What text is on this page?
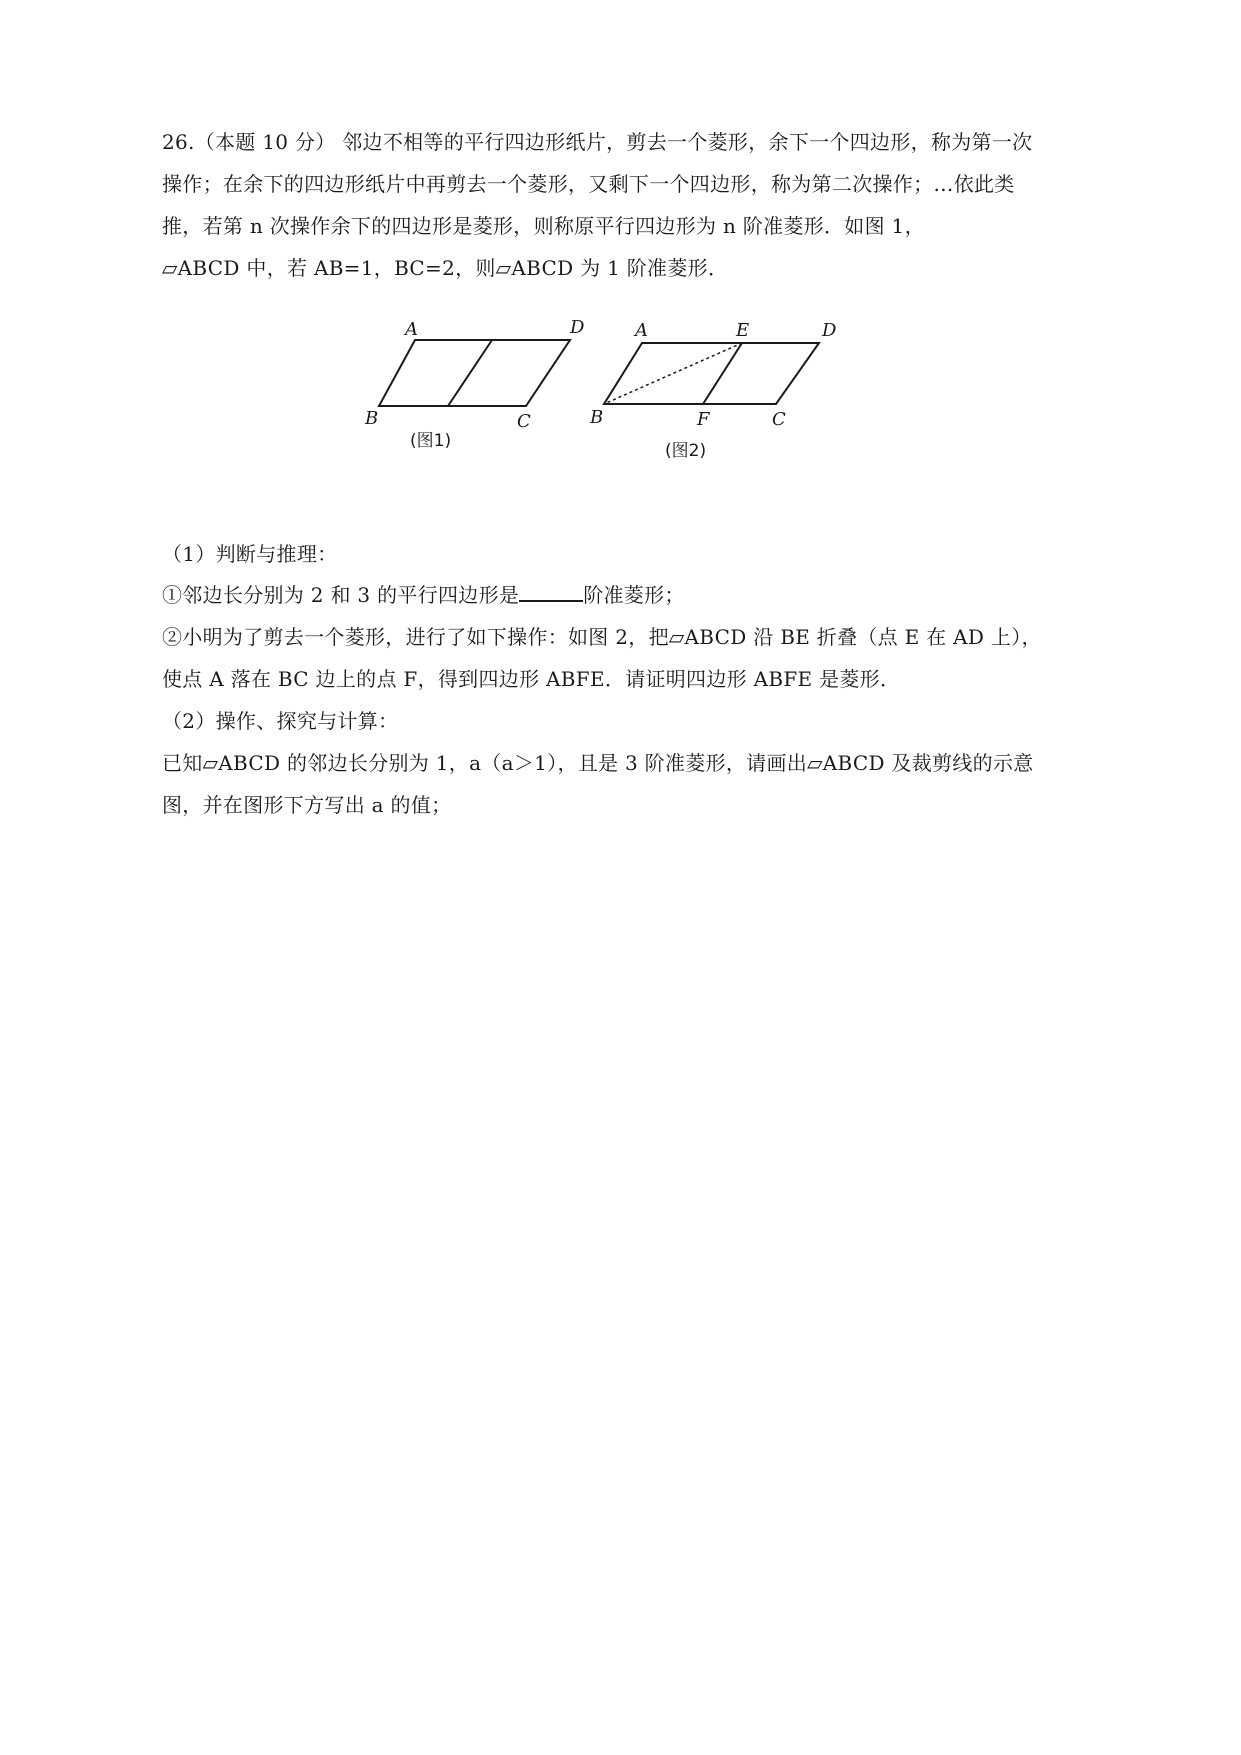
26.（本题 10 分） 邻边不相等的平行四边形纸片，剪去一个菱形，余下一个四边形，称为第一次
操作；在余下的四边形纸片中再剪去一个菱形，又剩下一个四边形，称为第二次操作；…依此类
推，若第 n 次操作余下的四边形是菱形，则称原平行四边形为 n 阶准菱形．如图 1，
▱ABCD 中，若 AB=1，BC=2，则▱ABCD 为 1 阶准菱形．
A	D
B	C
(图1)
A	E	D
B	F	C
(图2)
（1）判断与推理：
①邻边长分别为 2 和 3 的平行四边形是	阶准菱形；
②小明为了剪去一个菱形，进行了如下操作：如图 2，把▱ABCD 沿 BE 折叠（点 E 在 AD 上），
使点 A 落在 BC 边上的点 F，得到四边形 ABFE．请证明四边形 ABFE 是菱形．
（2）操作、探究与计算：
已知▱ABCD 的邻边长分别为 1，a（a＞1），且是 3 阶准菱形，请画出▱ABCD 及裁剪线的示意
图，并在图形下方写出 a 的值；
